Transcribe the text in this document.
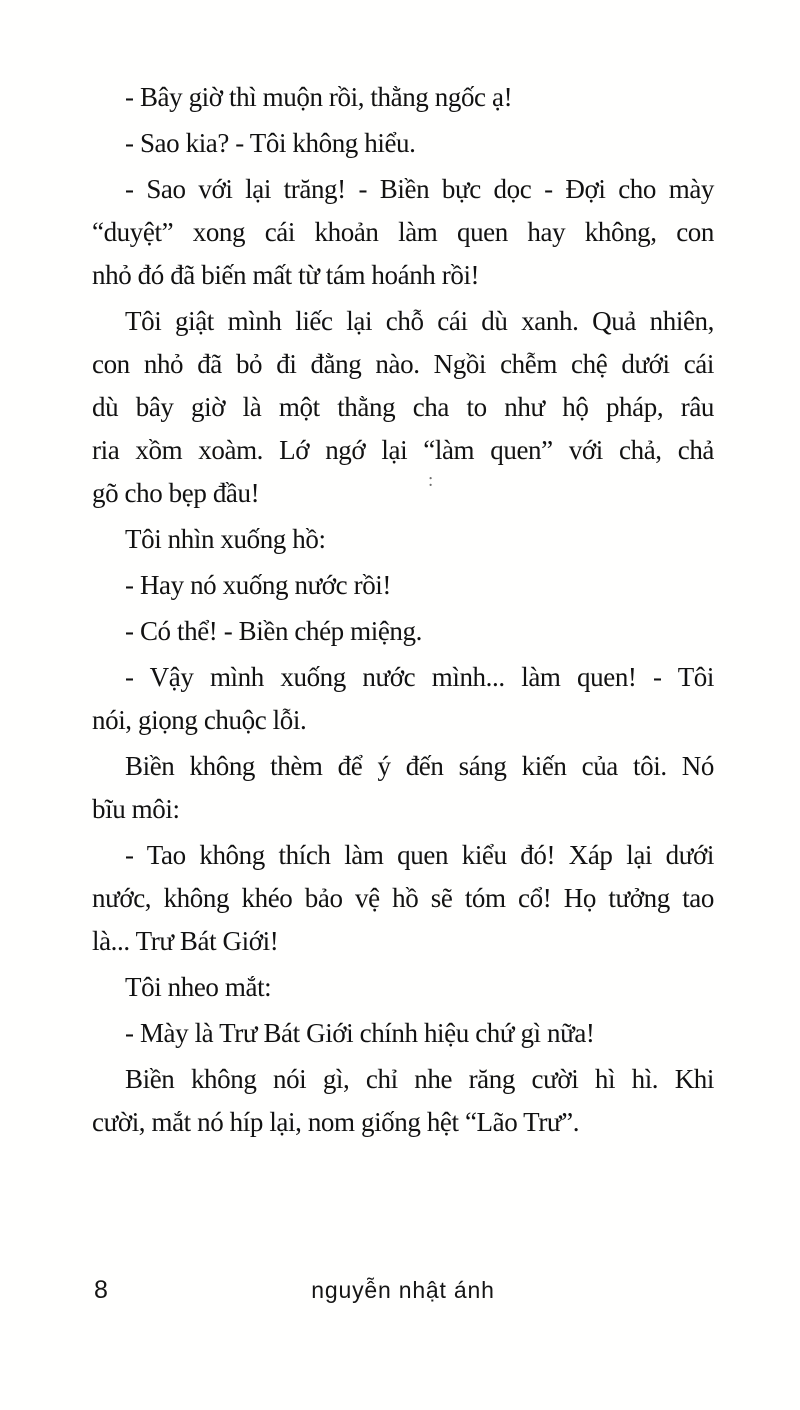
- Bây giờ thì muộn rồi, thằng ngốc ạ!

- Sao kia? - Tôi không hiểu.

- Sao với lại trăng! - Biền bực dọc - Đợi cho mày
“duyệt” xong cái khoản làm quen hay không, con
nhỏ đó đã biến mất từ tám hoánh rồi!

Tôi giật mình liếc lại chỗ cái dù xanh. Quả nhiên,
con nhỏ đã bỏ đi đằng nào. Ngồi chễm chệ dưới cái
dù bây giờ là một thằng cha to như hộ pháp, râu
ria xồm xoàm. Lớ ngớ lại “làm quen” với chả, chả
gõ cho bẹp đầu!

Tôi nhìn xuống hồ:

- Hay nó xuống nước rồi!

- Có thể! - Biền chép miệng.

- Vậy mình xuống nước mình... làm quen! - Tôi
nói, giọng chuộc lỗi.

Biền không thèm để ý đến sáng kiến của tôi. Nó
bĩu môi:

- Tao không thích làm quen kiểu đó! Xáp lại dưới
nước, không khéo bảo vệ hồ sẽ tóm cổ! Họ tưởng tao
là... Trư Bát Giới!

Tôi nheo mắt:

- Mày là Trư Bát Giới chính hiệu chứ gì nữa!

Biền không nói gì, chỉ nhe răng cười hì hì. Khi
cười, mắt nó híp lại, nom giống hệt “Lão Trư”.

:
8	nguyễn nhật ánh
